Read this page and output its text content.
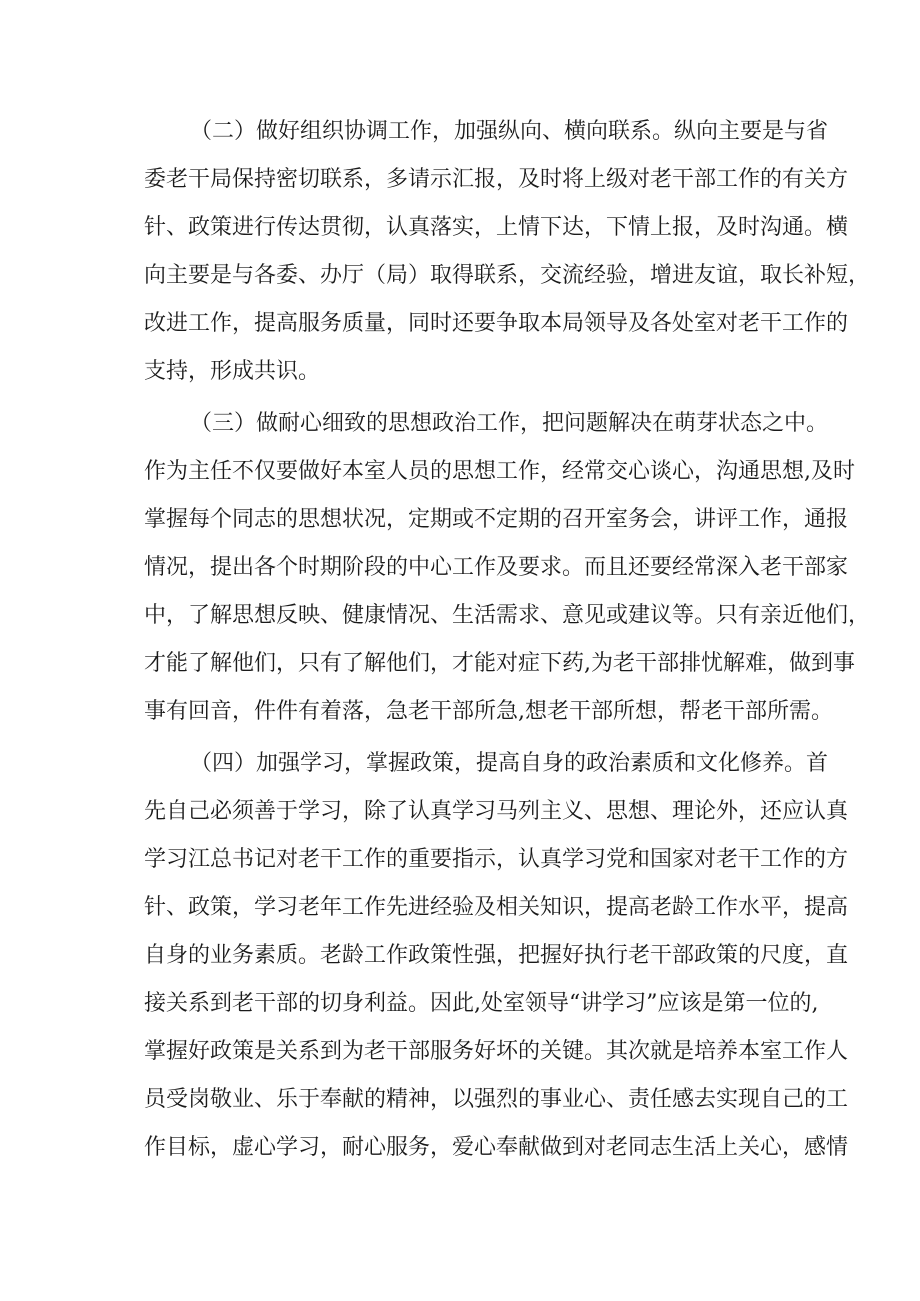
（二）做好组织协调工作，加强纵向、横向联系。纵向主要是与省
委老干局保持密切联系，多请示汇报，及时将上级对老干部工作的有关方
针、政策进行传达贯彻，认真落实，上情下达，下情上报，及时沟通。横
向主要是与各委、办厅（局）取得联系，交流经验，增进友谊，取长补短，
改进工作，提高服务质量，同时还要争取本局领导及各处室对老干工作的
支持，形成共识。
（三）做耐心细致的思想政治工作，把问题解决在萌芽状态之中。
作为主任不仅要做好本室人员的思想工作，经常交心谈心，沟通思想,及时
掌握每个同志的思想状况，定期或不定期的召开室务会，讲评工作，通报
情况，提出各个时期阶段的中心工作及要求。而且还要经常深入老干部家
中，了解思想反映、健康情况、生活需求、意见或建议等。只有亲近他们，
才能了解他们，只有了解他们，才能对症下药,为老干部排忧解难，做到事
事有回音，件件有着落，急老干部所急,想老干部所想，帮老干部所需。
（四）加强学习，掌握政策，提高自身的政治素质和文化修养。首
先自己必须善于学习，除了认真学习马列主义、思想、理论外，还应认真
学习江总书记对老干工作的重要指示，认真学习党和国家对老干工作的方
针、政策，学习老年工作先进经验及相关知识，提高老龄工作水平，提高
自身的业务素质。老龄工作政策性强，把握好执行老干部政策的尺度，直
接关系到老干部的切身利益。因此,处室领导“讲学习”应该是第一位的,
掌握好政策是关系到为老干部服务好坏的关键。其次就是培养本室工作人
员受岗敬业、乐于奉献的精神，以强烈的事业心、责任感去实现自己的工
作目标，虚心学习，耐心服务，爱心奉献做到对老同志生活上关心，感情
